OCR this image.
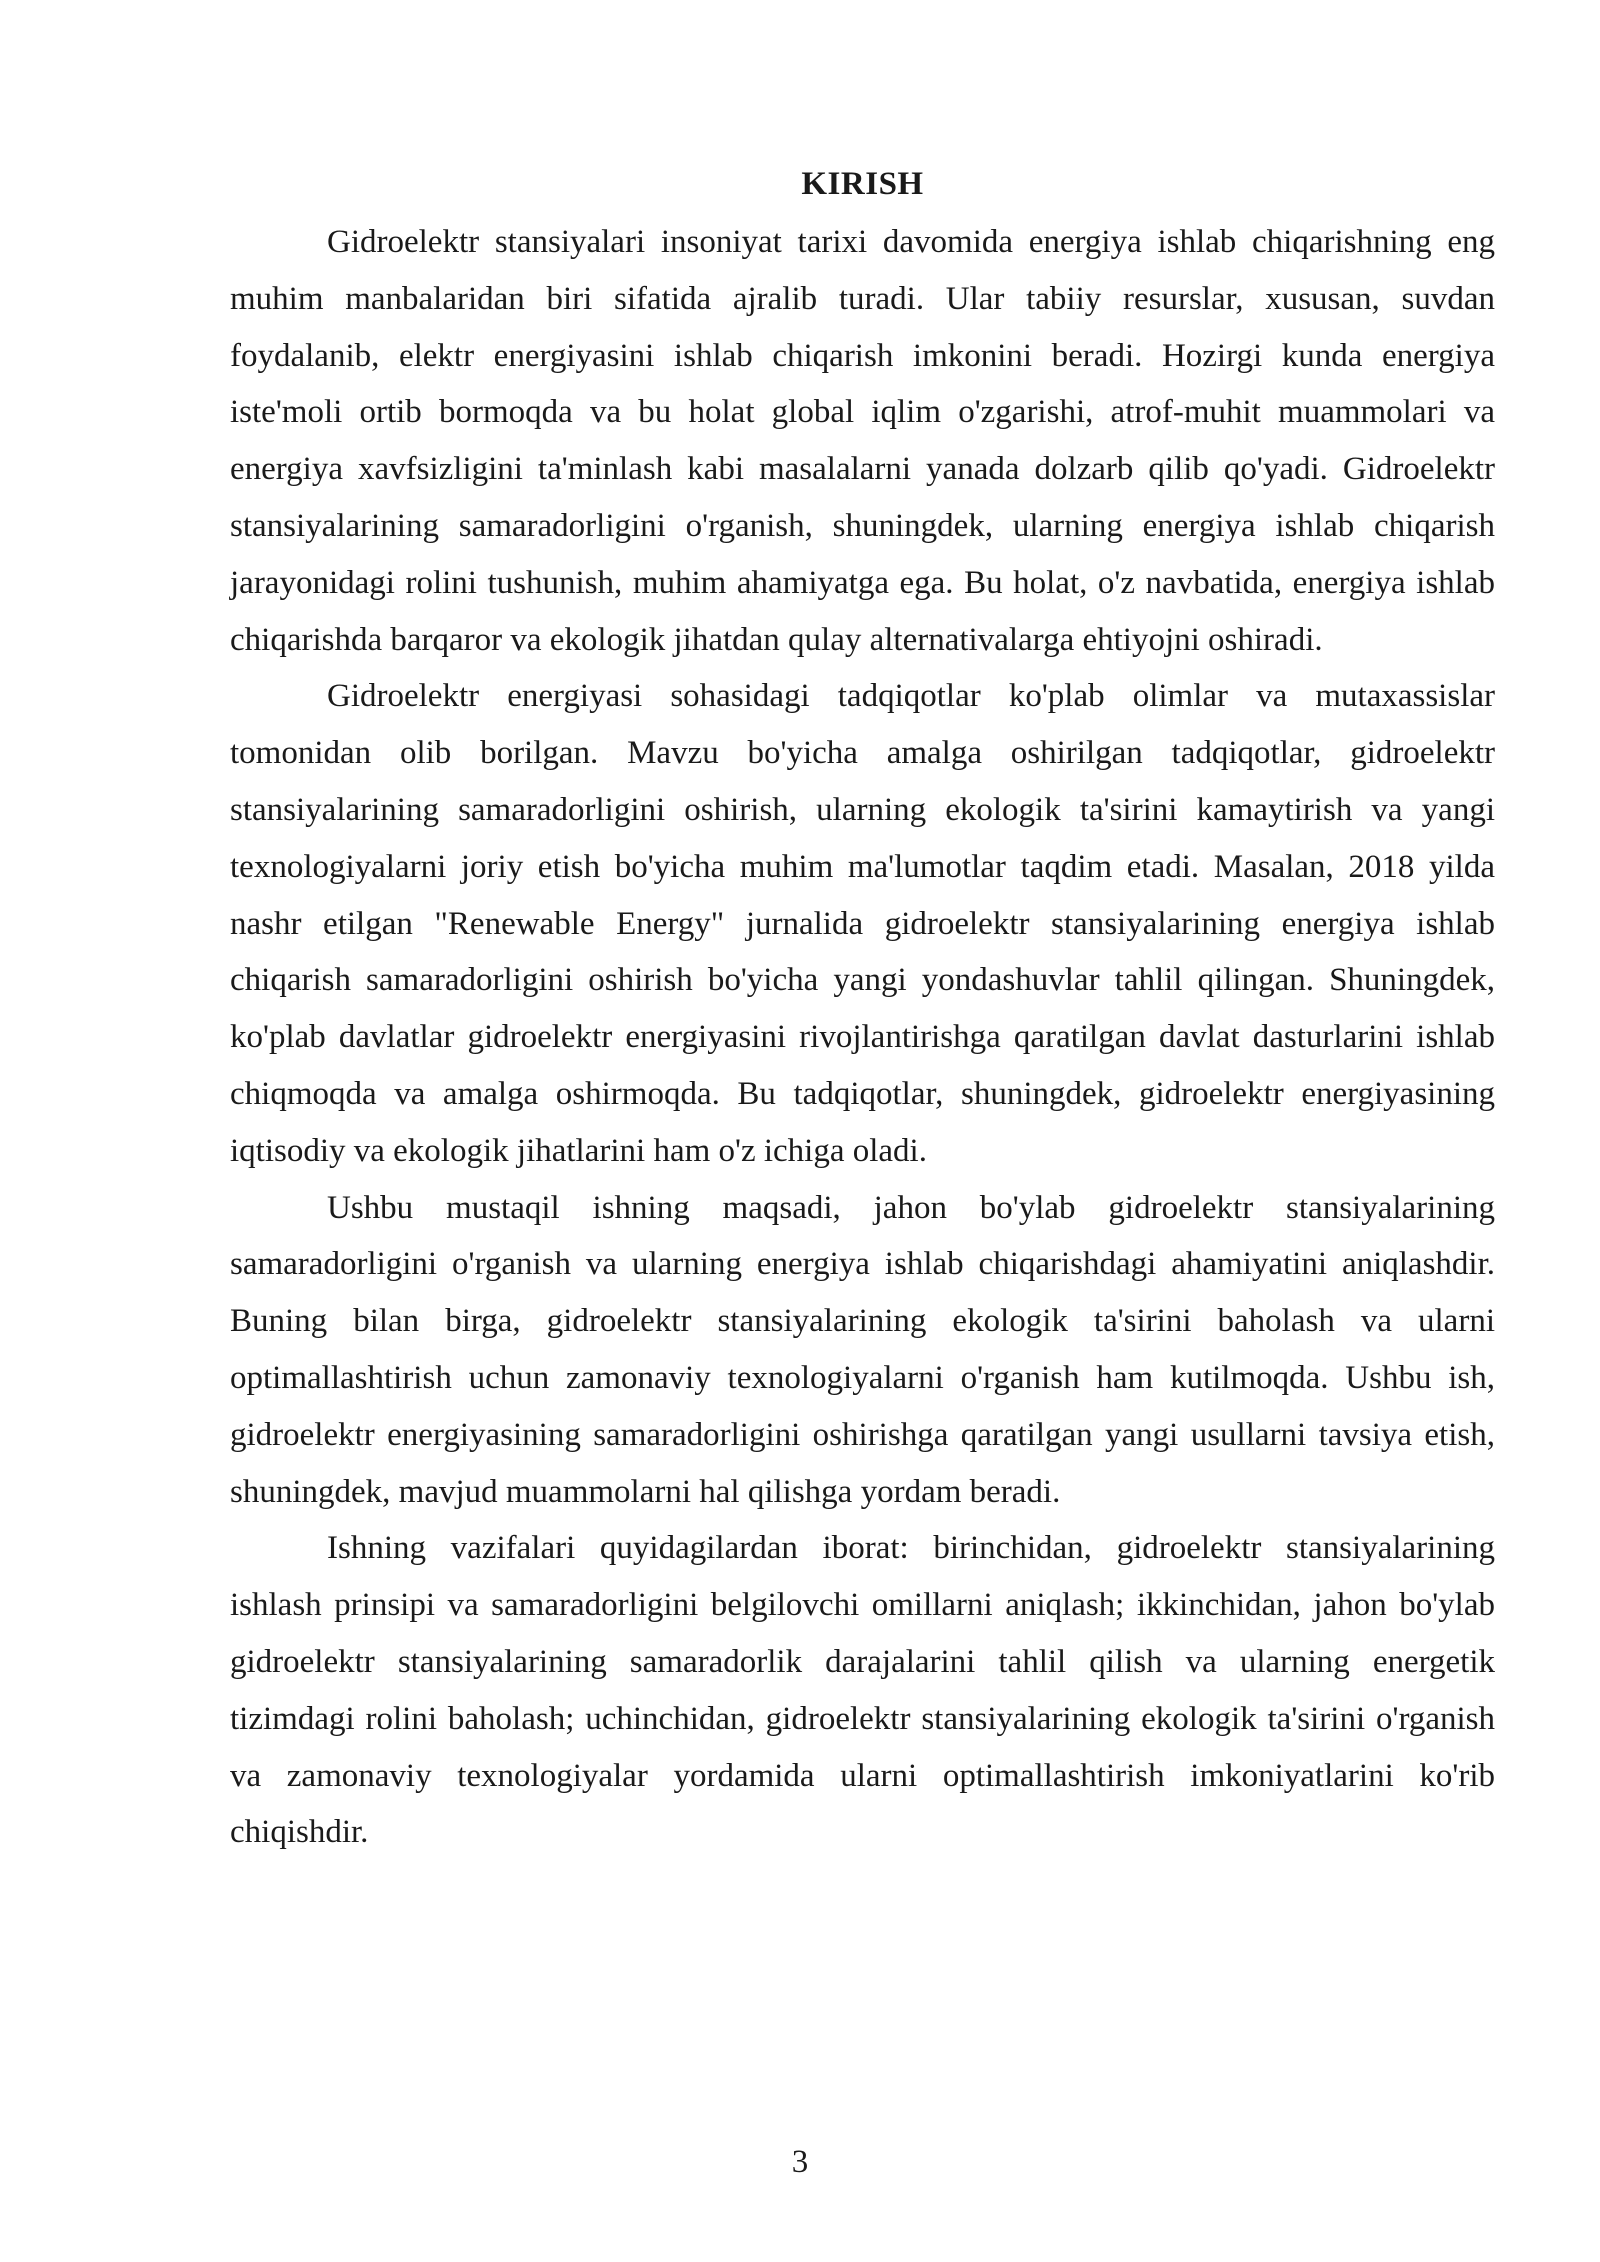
KIRISH

Gidroelektr stansiyalari insoniyat tarixi davomida energiya ishlab chiqarishning eng muhim manbalaridan biri sifatida ajralib turadi. Ular tabiiy resurslar, xususan, suvdan foydalanib, elektr energiyasini ishlab chiqarish imkonini beradi. Hozirgi kunda energiya iste'moli ortib bormoqda va bu holat global iqlim o'zgarishi, atrof-muhit muammolari va energiya xavfsizligini ta'minlash kabi masalalarni yanada dolzarb qilib qo'yadi. Gidroelektr stansiyalarining samaradorligini o'rganish, shuningdek, ularning energiya ishlab chiqarish jarayonidagi rolini tushunish, muhim ahamiyatga ega. Bu holat, o'z navbatida, energiya ishlab chiqarishda barqaror va ekologik jihatdan qulay alternativalarga ehtiyojni oshiradi.

Gidroelektr energiyasi sohasidagi tadqiqotlar ko'plab olimlar va mutaxassislar tomonidan olib borilgan. Mavzu bo'yicha amalga oshirilgan tadqiqotlar, gidroelektr stansiyalarining samaradorligini oshirish, ularning ekologik ta'sirini kamaytirish va yangi texnologiyalarni joriy etish bo'yicha muhim ma'lumotlar taqdim etadi. Masalan, 2018 yilda nashr etilgan "Renewable Energy" jurnalida gidroelektr stansiyalarining energiya ishlab chiqarish samaradorligini oshirish bo'yicha yangi yondashuvlar tahlil qilingan. Shuningdek, ko'plab davlatlar gidroelektr energiyasini rivojlantirishga qaratilgan davlat dasturlarini ishlab chiqmoqda va amalga oshirmoqda. Bu tadqiqotlar, shuningdek, gidroelektr energiyasining iqtisodiy va ekologik jihatlarini ham o'z ichiga oladi.

Ushbu mustaqil ishning maqsadi, jahon bo'ylab gidroelektr stansiyalarining samaradorligini o'rganish va ularning energiya ishlab chiqarishdagi ahamiyatini aniqlashdir. Buning bilan birga, gidroelektr stansiyalarining ekologik ta'sirini baholash va ularni optimallashtirish uchun zamonaviy texnologiyalarni o'rganish ham kutilmoqda. Ushbu ish, gidroelektr energiyasining samaradorligini oshirishga qaratilgan yangi usullarni tavsiya etish, shuningdek, mavjud muammolarni hal qilishga yordam beradi.

Ishning vazifalari quyidagilardan iborat: birinchidan, gidroelektr stansiyalarining ishlash prinsipi va samaradorligini belgilovchi omillarni aniqlash; ikkinchidan, jahon bo'ylab gidroelektr stansiyalarining samaradorlik darajalarini tahlil qilish va ularning energetik tizimdagi rolini baholash; uchinchidan, gidroelektr stansiyalarining ekologik ta'sirini o'rganish va zamonaviy texnologiyalar yordamida ularni optimallashtirish imkoniyatlarini ko'rib chiqishdir.

3
